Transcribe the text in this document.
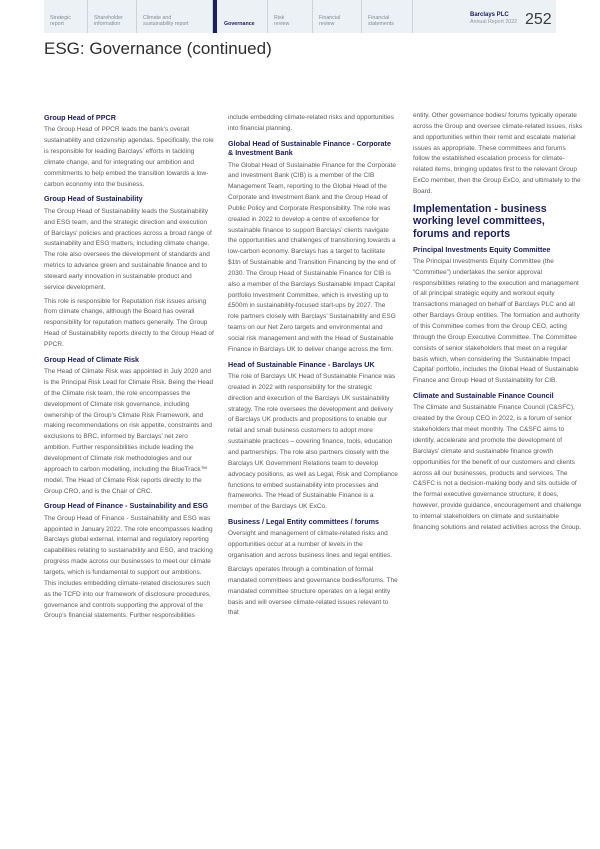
Strategic
report
Shareholder
information
Climate and
sustainability report	Governance
Risk
review
Financial
review
Financial
statements
Barclays PLC
Annual Report 2022 252
ESG: Governance (continued)
Group Head of PPCR

The Group Head of PPCR leads the bank’s overall sustainability and citizenship agendas. Specifically, the role is responsible for leading Barclays’ efforts in tackling climate change, and for integrating our ambition and commitments to help embed the transition towards a low-carbon economy into the business.

Group Head of Sustainability

The Group Head of Sustainability leads the Sustainability and ESG team, and the strategic direction and execution of Barclays’ policies and practices across a broad range of sustainability and ESG matters, including climate change. The role also oversees the development of standards and metrics to advance green and sustainable finance and to steward early innovation in sustainable product and service development.

This role is responsible for Reputation risk issues arising from climate change, although the Board has overall responsibility for reputation matters generally. The Group Head of Sustainability reports directly to the Group Head of PPCR.

Group Head of Climate Risk

The Head of Climate Risk was appointed in July 2020 and is the Principal Risk Lead for Climate Risk. Being the Head of the Climate risk team, the role encompasses the development of Climate risk governance, including ownership of the Group’s Climate Risk Framework, and making recommendations on risk appetite, constraints and exclusions to BRC, informed by Barclays’ net zero ambition. Further responsibilities include leading the development of Climate risk methodologies and our approach to carbon modelling, including the BlueTrack™ model. The Head of Climate Risk reports directly to the Group CRO, and is the Chair of CRC.

Group Head of Finance - Sustainability and ESG

The Group Head of Finance - Sustainability and ESG was appointed in January 2022. The role encompasses leading Barclays global external, internal and regulatory reporting capabilities relating to sustainability and ESG, and tracking progress made across our businesses to meet our climate targets, which is fundamental to support our ambitions. This includes embedding climate-related disclosures such as the TCFD into our framework of disclosure procedures, governance and controls supporting the approval of the Group’s financial statements. Further responsibilities

include embedding climate-related risks and opportunities into financial planning.

Global Head of Sustainable Finance - Corporate & Investment Bank

The Global Head of Sustainable Finance for the Corporate and Investment Bank (CIB) is a member of the CIB Management Team, reporting to the Global Head of the Corporate and Investment Bank and the Group Head of Public Policy and Corporate Responsibility. The role was created in 2022 to develop a centre of excellence for sustainable finance to support Barclays’ clients navigate the opportunities and challenges of transitioning towards a low-carbon economy. Barclays has a target to facilitate $1tn of Sustainable and Transition Financing by the end of 2030. The Group Head of Sustainable Finance for CIB is also a member of the Barclays Sustainable Impact Capital portfolio Investment Committee, which is investing up to £500m in sustainability-focused start-ups by 2027. The role partners closely with Barclays’ Sustainability and ESG teams on our Net Zero targets and environmental and social risk management and with the Head of Sustainable Finance in Barclays UK to deliver change across the firm.

Head of Sustainable Finance - Barclays UK

The role of Barclays UK Head of Sustainable Finance was created in 2022 with responsibility for the strategic direction and execution of the Barclays UK sustainability strategy. The role oversees the development and delivery of Barclays UK products and propositions to enable our retail and small business customers to adopt more sustainable practices – covering finance, tools, education and partnerships. The role also partners closely with the Barclays UK Government Relations team to develop advocacy positions, as well as Legal, Risk and Compliance functions to embed sustainability into processes and frameworks. The Head of Sustainable Finance is a member of the Barclays UK ExCo.

Business / Legal Entity committees / forums

Oversight and management of climate-related risks and opportunities occur at a number of levels in the organisation and across business lines and legal entities.

Barclays operates through a combination of formal mandated committees and governance bodies/forums. The mandated committee structure operates on a legal entity basis and will oversee climate-related issues relevant to that

entity. Other governance bodies/ forums typically operate across the Group and oversee climate-related issues, risks and opportunities within their remit and escalate material issues as appropriate. These committees and forums follow the established escalation process for climate-related items, bringing updates first to the relevant Group ExCo member, then the Group ExCo, and ultimately to the Board.

Implementation - business working level committees, forums and reports
Principal Investments Equity Committee

The Principal Investments Equity Committee (the “Committee”) undertakes the senior approval responsibilities relating to the execution and management of all principal strategic equity and workout equity transactions managed on behalf of Barclays PLC and all other Barclays Group entities. The formation and authority of this Committee comes from the Group CEO, acting through the Group Executive Committee. The Committee consists of senior stakeholders that meet on a regular basis which, when considering the ‘Sustainable Impact Capital’ portfolio, includes the Global Head of Sustainable Finance and Group Head of Sustainability for CIB.

Climate and Sustainable Finance Council

The Climate and Sustainable Finance Council (C&SFC), created by the Group CEO in 2022, is a forum of senior stakeholders that meet monthly. The C&SFC aims to identify, accelerate and promote the development of Barclays’ climate and sustainable finance growth opportunities for the benefit of our customers and clients across all our businesses, products and services. The C&SFC is not a decision-making body and sits outside of the formal executive governance structure, it does, however, provide guidance, encouragement and challenge to internal stakeholders on climate and sustainable financing solutions and related activities across the Group.
